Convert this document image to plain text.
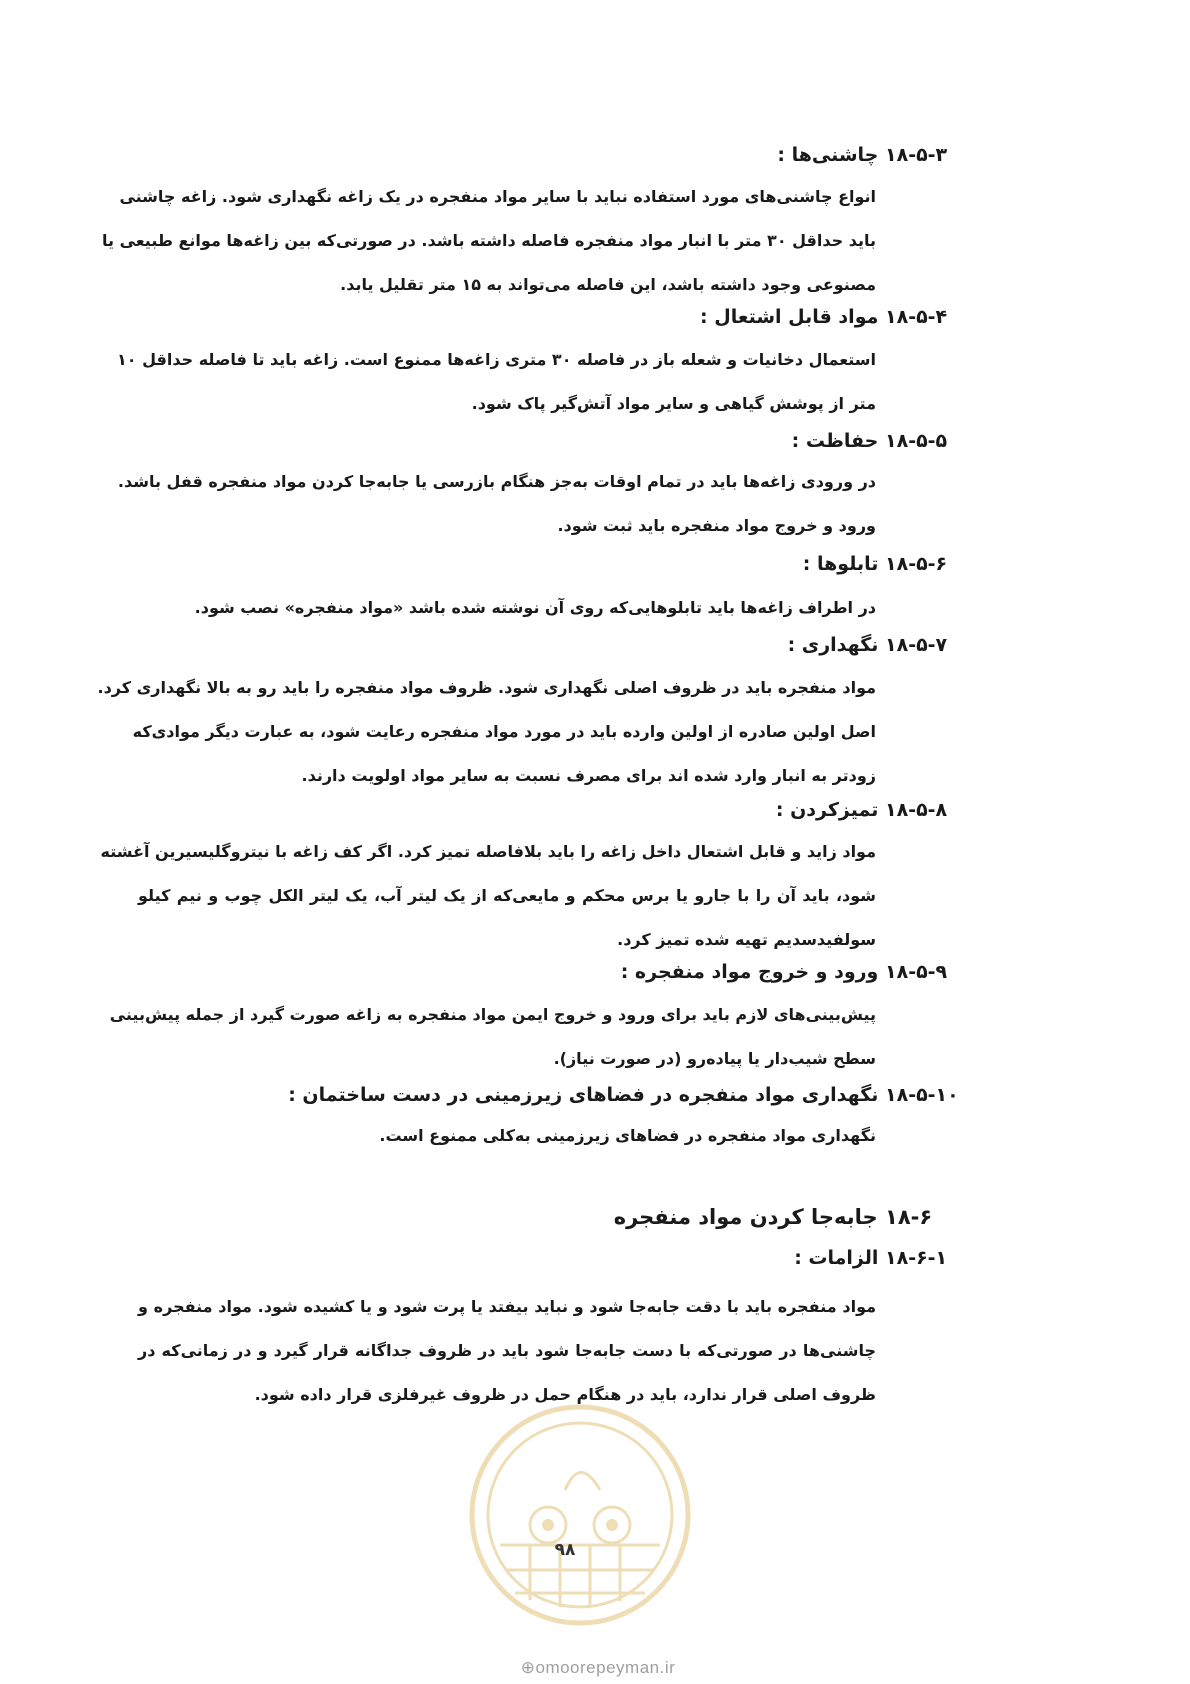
۱۸-۵-۳ چاشنی‌ها :
انواع چاشنی‌های مورد استفاده نباید با سایر مواد منفجره در یک زاغه نگهداری شود. زاغه چاشنی
باید حداقل ۳۰ متر با انبار مواد منفجره فاصله داشته باشد. در صورتی‌که بین زاغه‌ها موانع طبیعی یا
مصنوعی وجود داشته باشد، این فاصله می‌تواند به ۱۵ متر تقلیل یابد.
۱۸-۵-۴ مواد قابل اشتعال :
استعمال دخانیات و شعله باز در فاصله ۳۰ متری زاغه‌ها ممنوع است. زاغه باید تا فاصله حداقل ۱۰
متر از پوشش گیاهی و سایر مواد آتش‌گیر پاک شود.
۱۸-۵-۵ حفاظت :
در ورودی زاغه‌ها باید در تمام اوقات به‌جز هنگام بازرسی یا جابه‌جا کردن مواد منفجره قفل باشد.
ورود و خروج مواد منفجره باید ثبت شود.
۱۸-۵-۶ تابلوها :
در اطراف زاغه‌ها باید تابلوهایی‌که روی آن نوشته شده باشد «مواد منفجره» نصب شود.
۱۸-۵-۷ نگهداری :
مواد منفجره باید در ظروف اصلی نگهداری شود. ظروف مواد منفجره را باید رو به بالا نگهداری کرد.
اصل اولین صادره از اولین وارده باید در مورد مواد منفجره رعایت شود، به عبارت دیگر موادی‌که
زودتر به انبار وارد شده اند برای مصرف نسبت به سایر مواد اولویت دارند.
۱۸-۵-۸ تمیزکردن :
مواد زاید و قابل اشتعال داخل زاغه را باید بلافاصله تمیز کرد. اگر کف زاغه با نیتروگلیسیرین آغشته
شود، باید آن را با جارو یا برس محکم و مایعی‌که از یک لیتر آب، یک لیتر الکل چوب و نیم کیلو
سولفیدسدیم تهیه شده تمیز کرد.
۱۸-۵-۹ ورود و خروج مواد منفجره :
پیش‌بینی‌های لازم باید برای ورود و خروج ایمن مواد منفجره به زاغه صورت گیرد از جمله پیش‌بینی
سطح شیب‌دار یا پیاده‌رو (در صورت نیاز).
۱۸-۵-۱۰ نگهداری مواد منفجره در فضاهای زیرزمینی در دست ساختمان :
نگهداری مواد منفجره در فضاهای زیرزمینی به‌کلی ممنوع است.
۱۸-۶ جابه‌جا کردن مواد منفجره
۱۸-۶-۱ الزامات :
مواد منفجره باید با دقت جابه‌جا شود و نباید بیفتد یا پرت شود و یا کشیده شود. مواد منفجره و
چاشنی‌ها در صورتی‌که با دست جابه‌جا شود باید در ظروف جداگانه قرار گیرد و در زمانی‌که در
ظروف اصلی قرار ندارد، باید در هنگام حمل در ظروف غیرفلزی قرار داده شود.
۹۸
⊕omoorepeyman.ir
